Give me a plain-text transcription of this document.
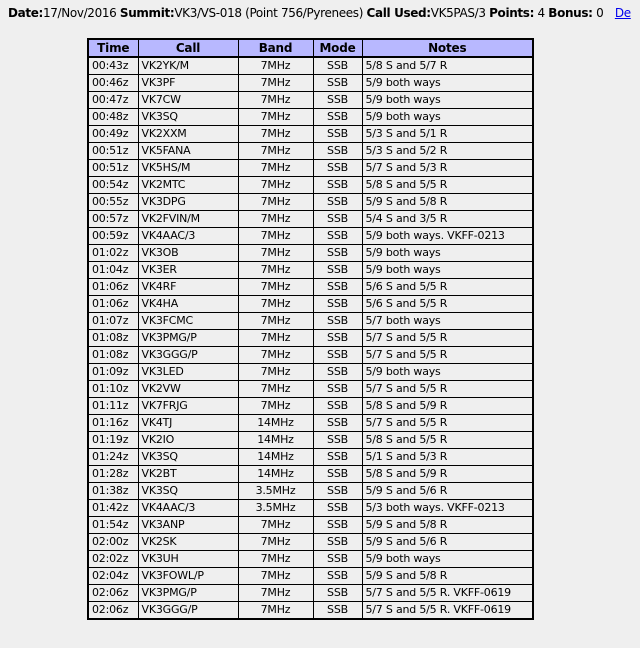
Date:17/Nov/2016 Summit:VK3/VS-018 (Point 756/Pyrenees) Call Used:VK5PAS/3 Points: 4 Bonus: 0 De
Time	Call	Band	Mode	Notes
00:43z	VK2YK/M	7MHz	SSB	5/8 S and 5/7 R
00:46z	VK3PF	7MHz	SSB	5/9 both ways
00:47z	VK7CW	7MHz	SSB	5/9 both ways
00:48z	VK3SQ	7MHz	SSB	5/9 both ways
00:49z	VK2XXM	7MHz	SSB	5/3 S and 5/1 R
00:51z	VK5FANA	7MHz	SSB	5/3 S and 5/2 R
00:51z	VK5HS/M	7MHz	SSB	5/7 S and 5/3 R
00:54z	VK2MTC	7MHz	SSB	5/8 S and 5/5 R
00:55z	VK3DPG	7MHz	SSB	5/9 S and 5/8 R
00:57z	VK2FVIN/M	7MHz	SSB	5/4 S and 3/5 R
00:59z	VK4AAC/3	7MHz	SSB	5/9 both ways. VKFF-0213
01:02z	VK3OB	7MHz	SSB	5/9 both ways
01:04z	VK3ER	7MHz	SSB	5/9 both ways
01:06z	VK4RF	7MHz	SSB	5/6 S and 5/5 R
01:06z	VK4HA	7MHz	SSB	5/6 S and 5/5 R
01:07z	VK3FCMC	7MHz	SSB	5/7 both ways
01:08z	VK3PMG/P	7MHz	SSB	5/7 S and 5/5 R
01:08z	VK3GGG/P	7MHz	SSB	5/7 S and 5/5 R
01:09z	VK3LED	7MHz	SSB	5/9 both ways
01:10z	VK2VW	7MHz	SSB	5/7 S and 5/5 R
01:11z	VK7FRJG	7MHz	SSB	5/8 S and 5/9 R
01:16z	VK4TJ	14MHz	SSB	5/7 S and 5/5 R
01:19z	VK2IO	14MHz	SSB	5/8 S and 5/5 R
01:24z	VK3SQ	14MHz	SSB	5/1 S and 5/3 R
01:28z	VK2BT	14MHz	SSB	5/8 S and 5/9 R
01:38z	VK3SQ	3.5MHz	SSB	5/9 S and 5/6 R
01:42z	VK4AAC/3	3.5MHz	SSB	5/3 both ways. VKFF-0213
01:54z	VK3ANP	7MHz	SSB	5/9 S and 5/8 R
02:00z	VK2SK	7MHz	SSB	5/9 S and 5/6 R
02:02z	VK3UH	7MHz	SSB	5/9 both ways
02:04z	VK3FOWL/P	7MHz	SSB	5/9 S and 5/8 R
02:06z	VK3PMG/P	7MHz	SSB	5/7 S and 5/5 R. VKFF-0619
02:06z	VK3GGG/P	7MHz	SSB	5/7 S and 5/5 R. VKFF-0619
